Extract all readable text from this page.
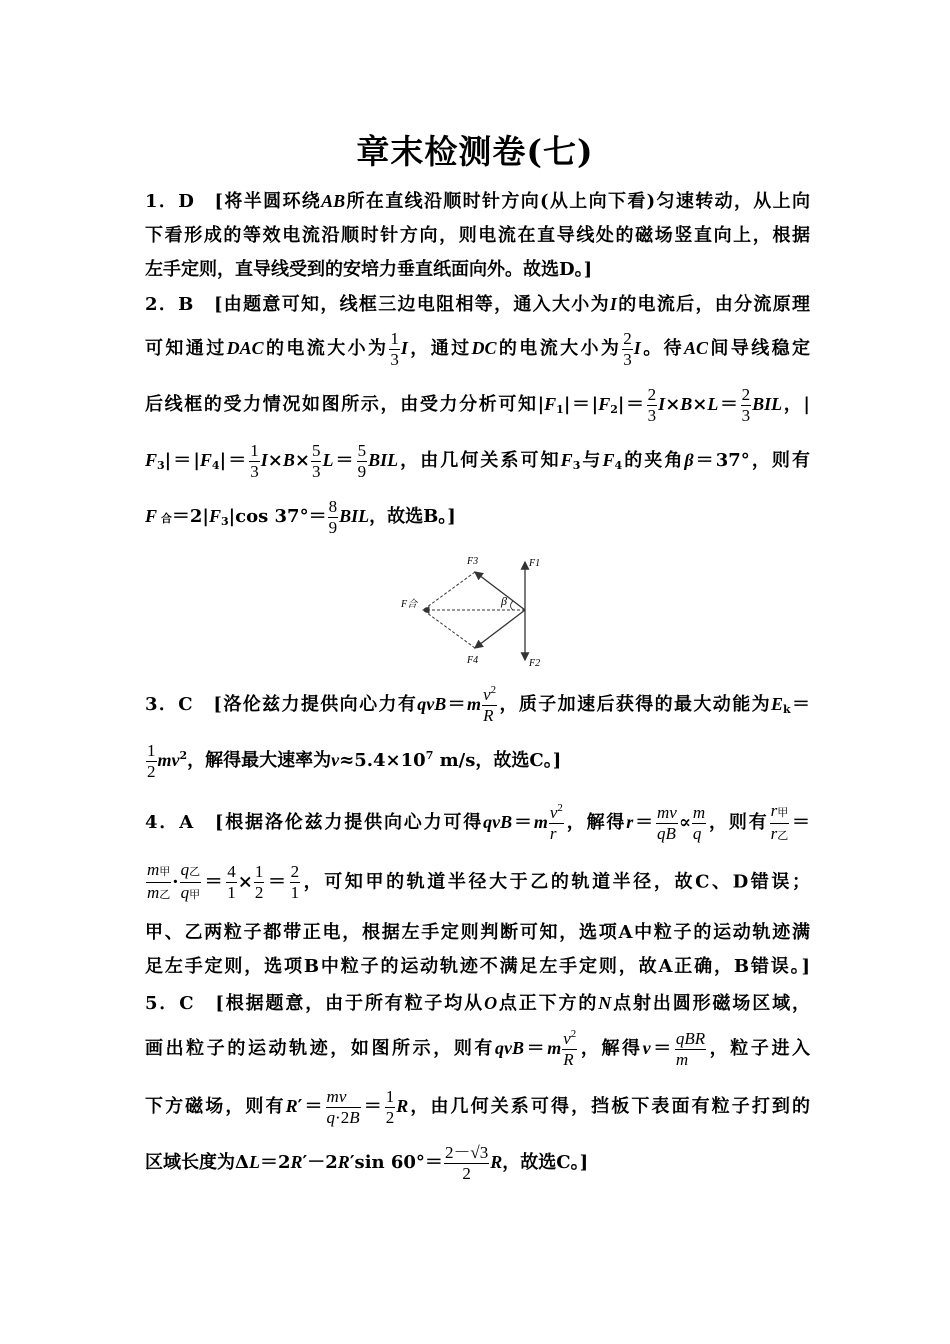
章末检测卷(七)
1．D　[将半圆环绕AB所在直线沿顺时针方向(从上向下看)匀速转动，从上向
下看形成的等效电流沿顺时针方向，则电流在直导线处的磁场竖直向上，根据
左手定则，直导线受到的安培力垂直纸面向外。故选D。]
2．B　[由题意可知，线框三边电阻相等，通入大小为I的电流后，由分流原理
可知通过DAC的电流大小为 $\frac{1}{3}$ I，通过DC的电流大小为 $\frac{2}{3}$ I。待AC间导线稳定
后线框的受力情况如图所示，由受力分析可知$|F_1|=|F_2|= \frac{2}{3} I\times B\times L= \frac{2}{3}$ BIL，|
$F_3|=|F_4|= \frac{1}{3} I\times B\times \frac{5}{3} L= \frac{5}{9}$ BIL，由几何关系可知$F_3$与$F_4$的夹角β＝37°，则有
F 合$=2|F_3|\cos$ $37^\circ= \frac{8}{9}$ BIL，故选B。]
F3	F1
F合	β
F4	F2
3．C　[洛伦兹力提供向心力有$qvB=m \frac{v^2}{R}$ ，质子加速后获得的最大动能为$E_k=$
$\frac{1}{2} mv^2$，解得最大速率为$v\approx 5.4\times 10^7$ m/s，故选C。]
4．A　[根据洛伦兹力提供向心力可得$qvB=m \frac{v^2}{r}$ ，解得$r= \frac{mv}{qB} \propto \frac{m}{q}$ ，则有 $\frac{\text{r甲}}{\text{r乙}}$ ＝
$\frac{\text{m甲}}{\text{m乙}} \cdot \frac{\text{q乙}}{\text{q甲}} = \frac{4}{1} \times \frac{1}{2} = \frac{2}{1}$ ，可知甲的轨道半径大于乙的轨道半径，故C、D错误；
甲、乙两粒子都带正电，根据左手定则判断可知，选项A中粒子的运动轨迹满
足左手定则，选项B中粒子的运动轨迹不满足左手定则，故A正确，B错误。]
5．C　[根据题意，由于所有粒子均从O点正下方的N点射出圆形磁场区域，
画出粒子的运动轨迹，如图所示，则有$qvB=m \frac{v^2}{R}$ ，解得$v= \frac{\text{qBR}}{m}$ ，粒子进入
下方磁场，则有$R'= \frac{mv}{q\cdot 2B} = \frac{1}{2}$ R，由几何关系可得，挡板下表面有粒子打到的
区域长度为ΔL＝2R′－2R′sin $60^\circ= \frac{2-√3}{2}$ R，故选C。]
